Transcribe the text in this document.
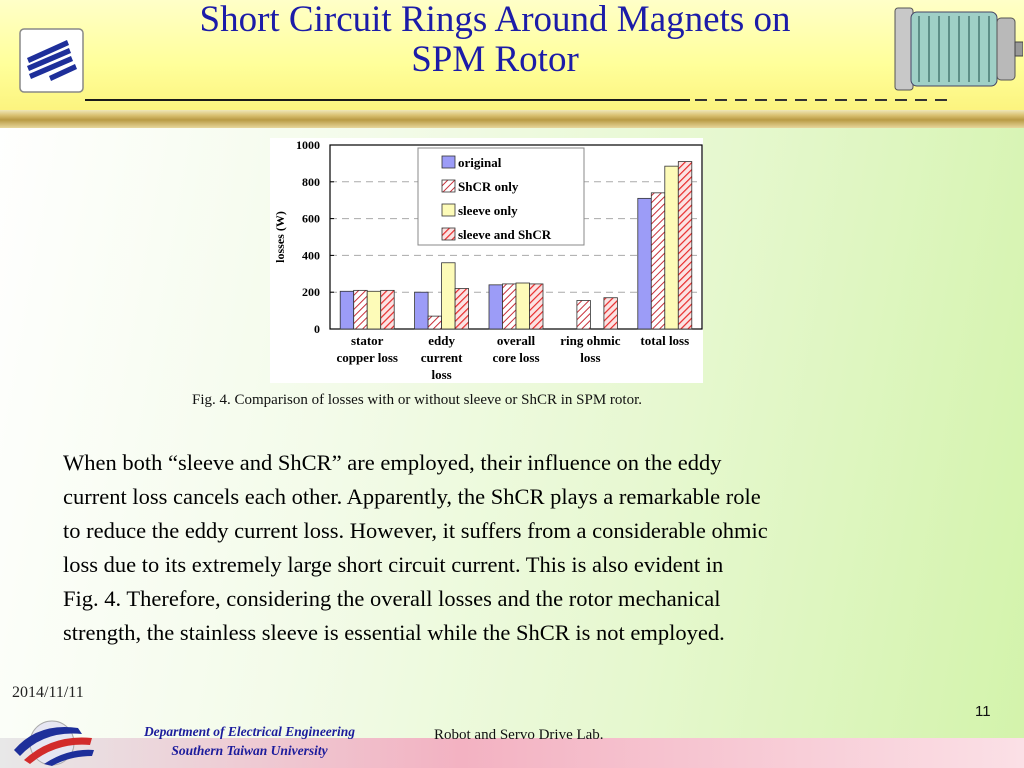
Short Circuit Rings Around Magnets on
SPM Rotor
0
200
400
600
800
1000
losses (W)
stator
copper loss
eddy
current
loss
overall
core loss
ring ohmic
loss
total loss
original
ShCR only
sleeve only
sleeve and ShCR
Fig. 4. Comparison of losses with or without sleeve or ShCR in SPM rotor.
When both “sleeve and ShCR” are employed, their influence on the eddy
current loss cancels each other. Apparently, the ShCR plays a remarkable role
to reduce the eddy current loss. However, it suffers from a considerable ohmic
loss due to its extremely large short circuit current. This is also evident in
Fig. 4. Therefore, considering the overall losses and the rotor mechanical
strength, the stainless sleeve is essential while the ShCR is not employed.
2014/11/11
Department of Electrical Engineering
Southern Taiwan University
Robot and Servo Drive Lab.
11
